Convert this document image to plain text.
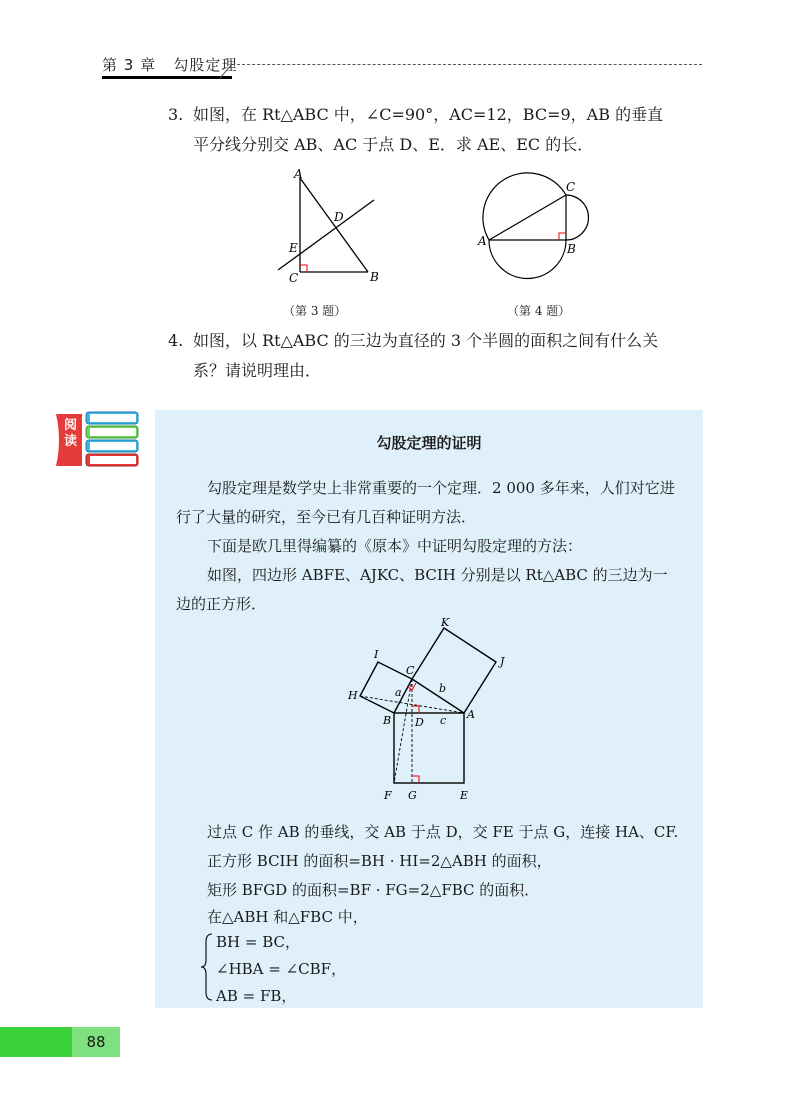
第 3 章 勾股定理
3. 如图，在 Rt△ABC 中，∠C=90°，AC=12，BC=9，AB 的垂直
平分线分别交 AB、AC 于点 D、E．求 AE、EC 的长．
A
B
C
D
E
（第 3 题）
A
B
C
（第 4 题）
4. 如图，以 Rt△ABC 的三边为直径的 3 个半圆的面积之间有什么关
系？请说明理由．
阅读	勾股定理的证明
勾股定理是数学史上非常重要的一个定理．2 000 多年来，人们对它进
行了大量的研究，至今已有几百种证明方法．
下面是欧几里得编纂的《原本》中证明勾股定理的方法：
如图，四边形 ABFE、AJKC、BCIH 分别是以 Rt△ABC 的三边为一
边的正方形．
K
J
I
C
H	a	b
B D c A
F G	E
过点 C 作 AB 的垂线，交 AB 于点 D，交 FE 于点 G，连接 HA、CF.
正方形 BCIH 的面积=BH · HI=2△ABH 的面积，
矩形 BFGD 的面积=BF · FG=2△FBC 的面积．
在△ABH 和△FBC 中，
BH = BC，
∠HBA = ∠CBF，
AB = FB，
88
